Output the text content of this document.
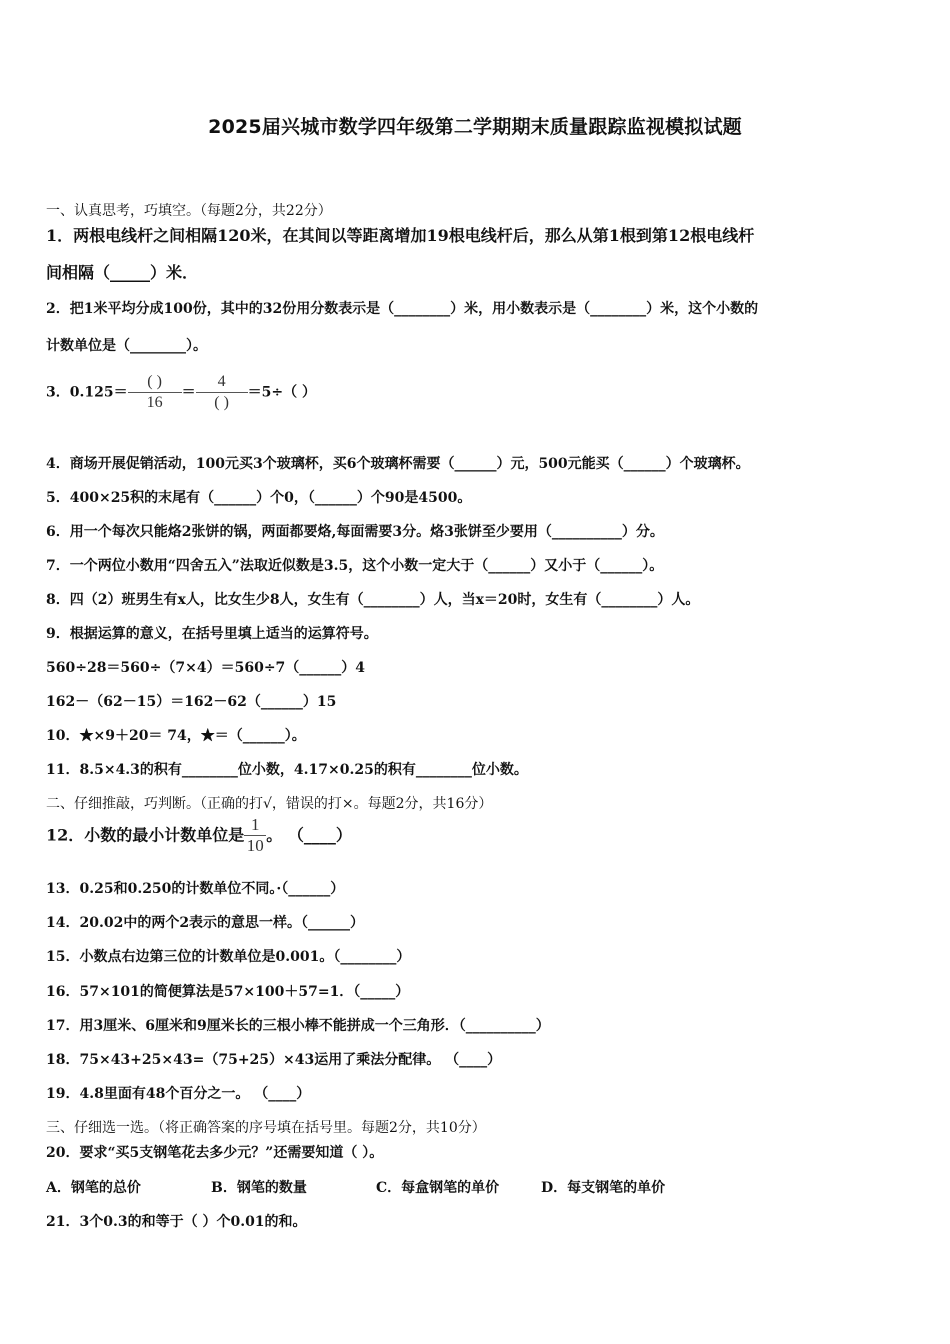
2025届兴城市数学四年级第二学期期末质量跟踪监视模拟试题
一、认真思考，巧填空。（每题2分，共22分）
1．两根电线杆之间相隔120米，在其间以等距离增加19根电线杆后，那么从第1根到第12根电线杆
间相隔（_____）米．
2．把1米平均分成100份，其中的32份用分数表示是（________）米，用小数表示是（________）米，这个小数的
计数单位是（________）。
3．$0.125= \frac{( )}{16} = \frac{4}{( )} =5\div$（ ）
4．商场开展促销活动，100元买3个玻璃杯，买6个玻璃杯需要（______）元，500元能买（______）个玻璃杯。
5．400×25积的末尾有（______）个0，（______）个90是4500。
6．用一个每次只能烙2张饼的锅，两面都要烙,每面需要3分。烙3张饼至少要用（__________）分。
7．一个两位小数用“四舍五入”法取近似数是3.5，这个小数一定大于（______）又小于（______）。
8．四（2）班男生有x人，比女生少8人，女生有（________）人，当x＝20时，女生有（________）人。
9．根据运算的意义，在括号里填上适当的运算符号。
560÷28＝560÷（7×4）＝560÷7（______）4
162－（62－15）＝162－62（______）15
10．★×9＋20＝ 74，★＝（______）。
11．8.5×4.3的积有________位小数，4.17×0.25的积有________位小数。
二、仔细推敲，巧判断。（正确的打√，错误的打×。每题2分，共16分）
12．小数的最小计数单位是 $\frac{1}{10}$ 。 （____）
13．0.25和0.250的计数单位不同。·（______）
14．20.02中的两个2表示的意思一样。（______）
15．小数点右边第三位的计数单位是0.001。（________）
16．57×101的简便算法是57×100＋57=1．（_____）
17．用3厘米、6厘米和9厘米长的三根小棒不能拼成一个三角形．（__________）
18．75×43+25×43=（75+25）×43运用了乘法分配律。 （____）
19．4.8里面有48个百分之一。 （____）
三、仔细选一选。（将正确答案的序号填在括号里。每题2分，共10分）
20．要求“买5支钢笔花去多少元？”还需要知道（ ）。
A．钢笔的总价	B．钢笔的数量	C．每盒钢笔的单价	D．每支钢笔的单价
21．3个0.3的和等于（ ）个0.01的和。
